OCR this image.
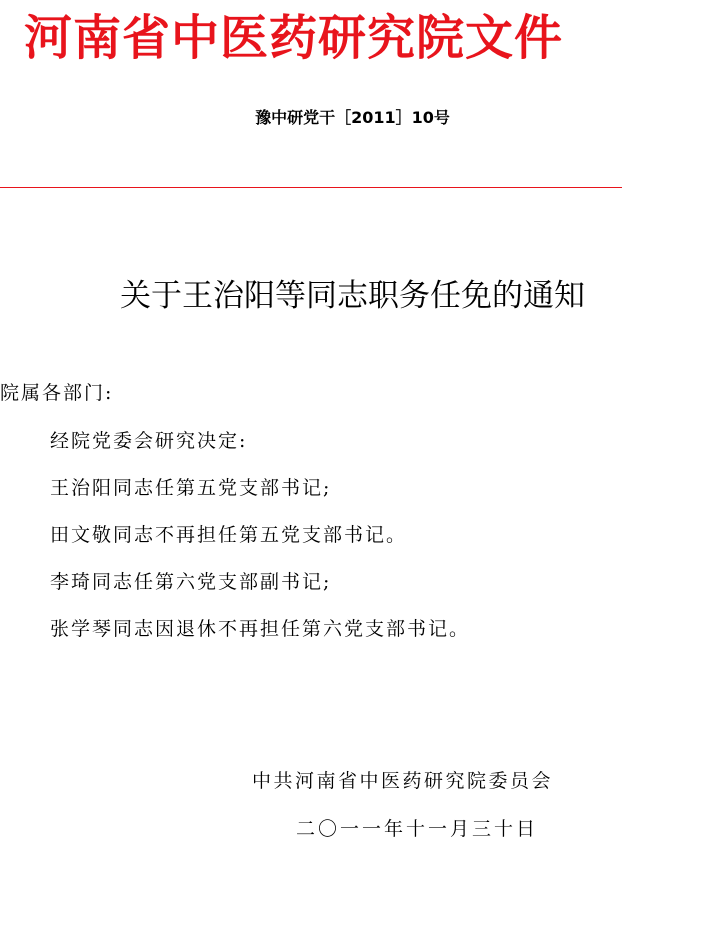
河南省中医药研究院文件
豫中研党干［2011］10号
关于王治阳等同志职务任免的通知
院属各部门:
经院党委会研究决定:
王治阳同志任第五党支部书记;
田文敬同志不再担任第五党支部书记。
李琦同志任第六党支部副书记;
张学琴同志因退休不再担任第六党支部书记。
中共河南省中医药研究院委员会
二〇一一年十一月三十日
